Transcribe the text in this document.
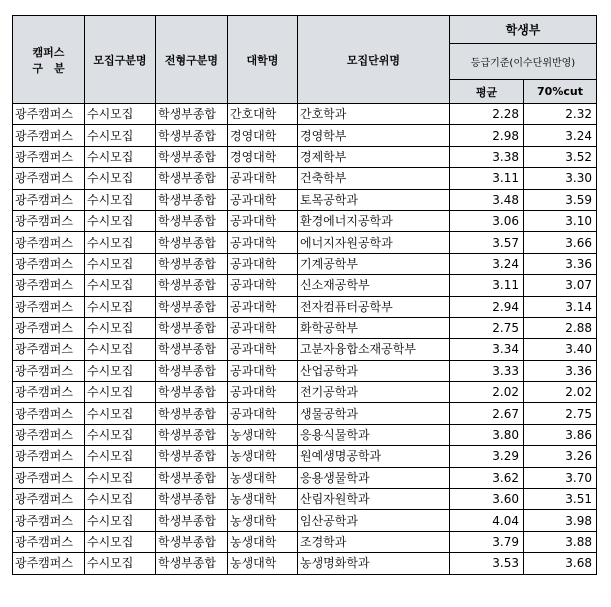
캠퍼스
구　분	모집구분명	전형구분명	대학명	모집단위명	학생부	
					등급기준(이수단위반영)	
					평균	70%cut
광주캠퍼스	수시모집	학생부종합	간호대학	간호학과	2.28	2.32
광주캠퍼스	수시모집	학생부종합	경영대학	경영학부	2.98	3.24
광주캠퍼스	수시모집	학생부종합	경영대학	경제학부	3.38	3.52
광주캠퍼스	수시모집	학생부종합	공과대학	건축학부	3.11	3.30
광주캠퍼스	수시모집	학생부종합	공과대학	토목공학과	3.48	3.59
광주캠퍼스	수시모집	학생부종합	공과대학	환경에너지공학과	3.06	3.10
광주캠퍼스	수시모집	학생부종합	공과대학	에너지자원공학과	3.57	3.66
광주캠퍼스	수시모집	학생부종합	공과대학	기계공학부	3.24	3.36
광주캠퍼스	수시모집	학생부종합	공과대학	신소재공학부	3.11	3.07
광주캠퍼스	수시모집	학생부종합	공과대학	전자컴퓨터공학부	2.94	3.14
광주캠퍼스	수시모집	학생부종합	공과대학	화학공학부	2.75	2.88
광주캠퍼스	수시모집	학생부종합	공과대학	고분자융합소재공학부	3.34	3.40
광주캠퍼스	수시모집	학생부종합	공과대학	산업공학과	3.33	3.36
광주캠퍼스	수시모집	학생부종합	공과대학	전기공학과	2.02	2.02
광주캠퍼스	수시모집	학생부종합	공과대학	생물공학과	2.67	2.75
광주캠퍼스	수시모집	학생부종합	농생대학	응용식물학과	3.80	3.86
광주캠퍼스	수시모집	학생부종합	농생대학	원예생명공학과	3.29	3.26
광주캠퍼스	수시모집	학생부종합	농생대학	응용생물학과	3.62	3.70
광주캠퍼스	수시모집	학생부종합	농생대학	산림자원학과	3.60	3.51
광주캠퍼스	수시모집	학생부종합	농생대학	임산공학과	4.04	3.98
광주캠퍼스	수시모집	학생부종합	농생대학	조경학과	3.79	3.88
광주캠퍼스	수시모집	학생부종합	농생대학	농생명화학과	3.53	3.68
